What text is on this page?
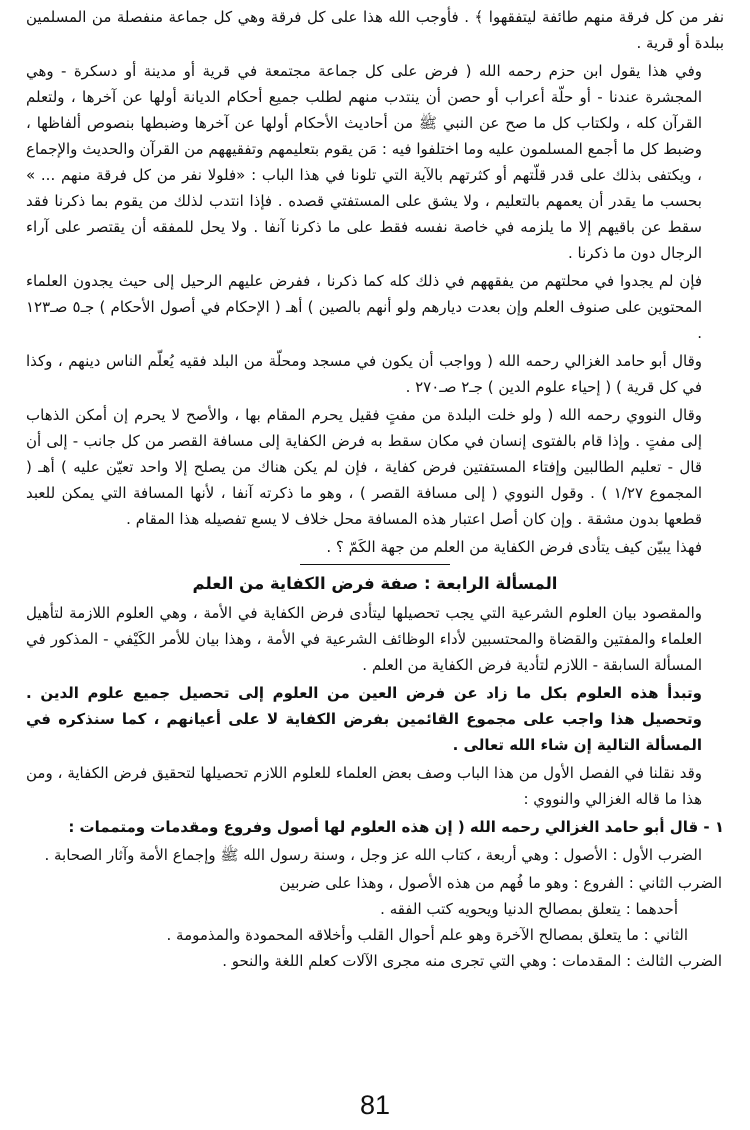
نفر من كل فرقة منهم طائفة ليتفقهوا ﴾ . فأوجب الله هذا على كل فرقة وهي كل جماعة منفصلة من المسلمين ببلدة أو قرية .

وفي هذا يقول ابن حزم رحمه الله ( فرض على كل جماعة مجتمعة في قرية أو مدينة أو دسكرة - وهي المجشرة عندنا - أو حلّة أعراب أو حصن أن ينتدب منهم لطلب جميع أحكام الديانة أولها عن آخرها ، ولتعلم القرآن كله ، ولكتاب كل ما صح عن النبي ﷺ من أحاديث الأحكام أولها عن آخرها وضبطها بنصوص ألفاظها ، وضبط كل ما أجمع المسلمون عليه وما اختلفوا فيه : مَن يقوم بتعليمهم وتفقيههم من القرآن والحديث والإجماع ، ويكتفى بذلك على قدر قلّتهم أو كثرتهم بالآية التي تلونا في هذا الباب : «فلولا نفر من كل فرقة منهم ... » بحسب ما يقدر أن يعمهم بالتعليم ، ولا يشق على المستفتي قصده . فإذا انتدب لذلك من يقوم بما ذكرنا فقد سقط عن باقيهم إلا ما يلزمه في خاصة نفسه فقط على ما ذكرنا آنفا . ولا يحل للمفقه أن يقتصر على آراء الرجال دون ما ذكرنا .

فإن لم يجدوا في محلتهم من يفقههم في ذلك كله كما ذكرنا ، ففرض عليهم الرحيل إلى حيث يجدون العلماء المحتوين على صنوف العلم وإن بعدت ديارهم ولو أنهم بالصين ) أهـ ( الإحكام في أصول الأحكام ) جـ٥ صـ١٢٣ .

وقال أبو حامد الغزالي رحمه الله ( وواجب أن يكون في مسجد ومحلّة من البلد فقيه يُعلّم الناس دينهم ، وكذا في كل قرية ) ( إحياء علوم الدين ) جـ٢ صـ٢٧٠ .

وقال النووي رحمه الله ( ولو خلت البلدة من مفتٍ فقيل يحرم المقام بها ، والأصح لا يحرم إن أمكن الذهاب إلى مفتٍ . وإذا قام بالفتوى إنسان في مكان سقط به فرض الكفاية إلى مسافة القصر من كل جانب - إلى أن قال - تعليم الطالبين وإفتاء المستفتين فرض كفاية ، فإن لم يكن هناك من يصلح إلا واحد تعيّن عليه ) أهـ ( المجموع ١/٢٧ ) . وقول النووي ( إلى مسافة القصر ) ، وهو ما ذكرته آنفا ، لأنها المسافة التي يمكن للعبد قطعها بدون مشقة . وإن كان أصل اعتبار هذه المسافة محل خلاف لا يسع تفصيله هذا المقام .

فهذا يبيّن كيف يتأدى فرض الكفاية من العلم من جهة الكَمّ ؟ .

المسألة الرابعة : صفة فرض الكفاية من العلم

والمقصود بيان العلوم الشرعية التي يجب تحصيلها ليتأدى فرض الكفاية في الأمة ، وهي العلوم اللازمة لتأهيل العلماء والمفتين والقضاة والمحتسبين لأداء الوظائف الشرعية في الأمة ، وهذا بيان للأمر الكَيْفي - المذكور في المسألة السابقة - اللازم لتأدية فرض الكفاية من العلم .

وتبدأ هذه العلوم بكل ما زاد عن فرض العين من العلوم إلى تحصيل جميع علوم الدين . وتحصيل هذا واجب على مجموع القائمين بفرض الكفاية لا على أعيانهم ، كما سنذكره في المسألة التالية إن شاء الله تعالى .

وقد نقلنا في الفصل الأول من هذا الباب وصف بعض العلماء للعلوم اللازم تحصيلها لتحقيق فرض الكفاية ، ومن هذا ما قاله الغزالي والنووي :

١ - قال أبو حامد الغزالي رحمه الله ( إن هذه العلوم لها أصول وفروع ومقدمات ومتممات :

الضرب الأول : الأصول : وهي أربعة ، كتاب الله عز وجل ، وسنة رسول الله ﷺ وإجماع الأمة وآثار الصحابة .

الضرب الثاني : الفروع : وهو ما فُهم من هذه الأصول ، وهذا على ضربين

أحدهما : يتعلق بمصالح الدنيا ويحويه كتب الفقه .

الثاني : ما يتعلق بمصالح الآخرة وهو علم أحوال القلب وأخلاقه المحمودة والمذمومة .

الضرب الثالث : المقدمات : وهي التي تجرى منه مجرى الآلات كعلم اللغة والنحو .

81
